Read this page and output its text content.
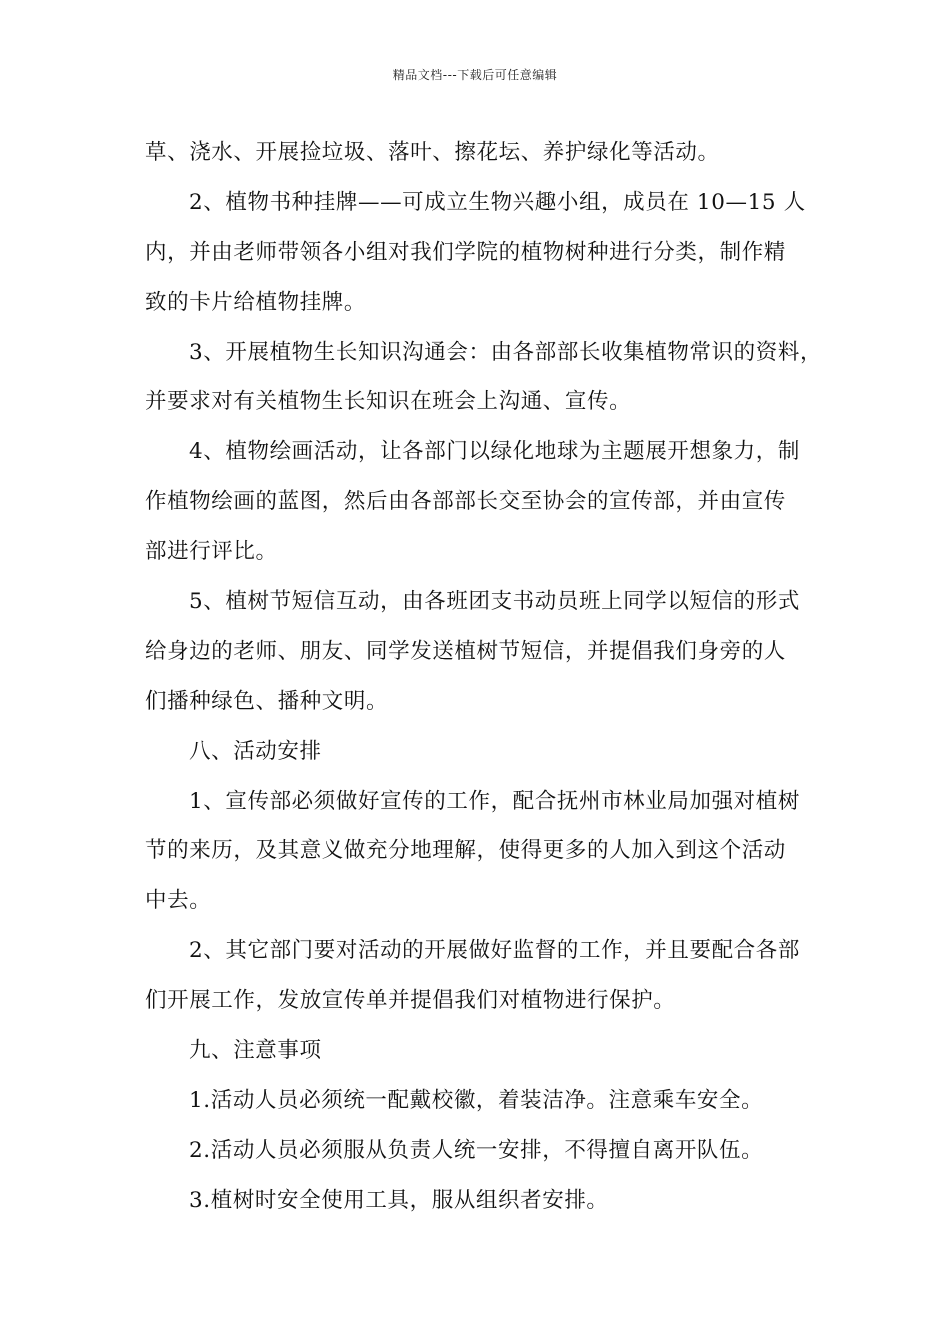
精品文档---下载后可任意编辑
草、浇水、开展捡垃圾、落叶、擦花坛、养护绿化等活动。
2、植物书种挂牌——可成立生物兴趣小组，成员在 10—15 人
内，并由老师带领各小组对我们学院的植物树种进行分类，制作精
致的卡片给植物挂牌。
3、开展植物生长知识沟通会：由各部部长收集植物常识的资料，
并要求对有关植物生长知识在班会上沟通、宣传。
4、植物绘画活动，让各部门以绿化地球为主题展开想象力，制
作植物绘画的蓝图，然后由各部部长交至协会的宣传部，并由宣传
部进行评比。
5、植树节短信互动，由各班团支书动员班上同学以短信的形式
给身边的老师、朋友、同学发送植树节短信，并提倡我们身旁的人
们播种绿色、播种文明。
八、活动安排
1、宣传部必须做好宣传的工作，配合抚州市林业局加强对植树
节的来历，及其意义做充分地理解，使得更多的人加入到这个活动
中去。
2、其它部门要对活动的开展做好监督的工作，并且要配合各部
们开展工作，发放宣传单并提倡我们对植物进行保护。
九、注意事项
1.活动人员必须统一配戴校徽，着装洁净。注意乘车安全。
2.活动人员必须服从负责人统一安排，不得擅自离开队伍。
3.植树时安全使用工具，服从组织者安排。
